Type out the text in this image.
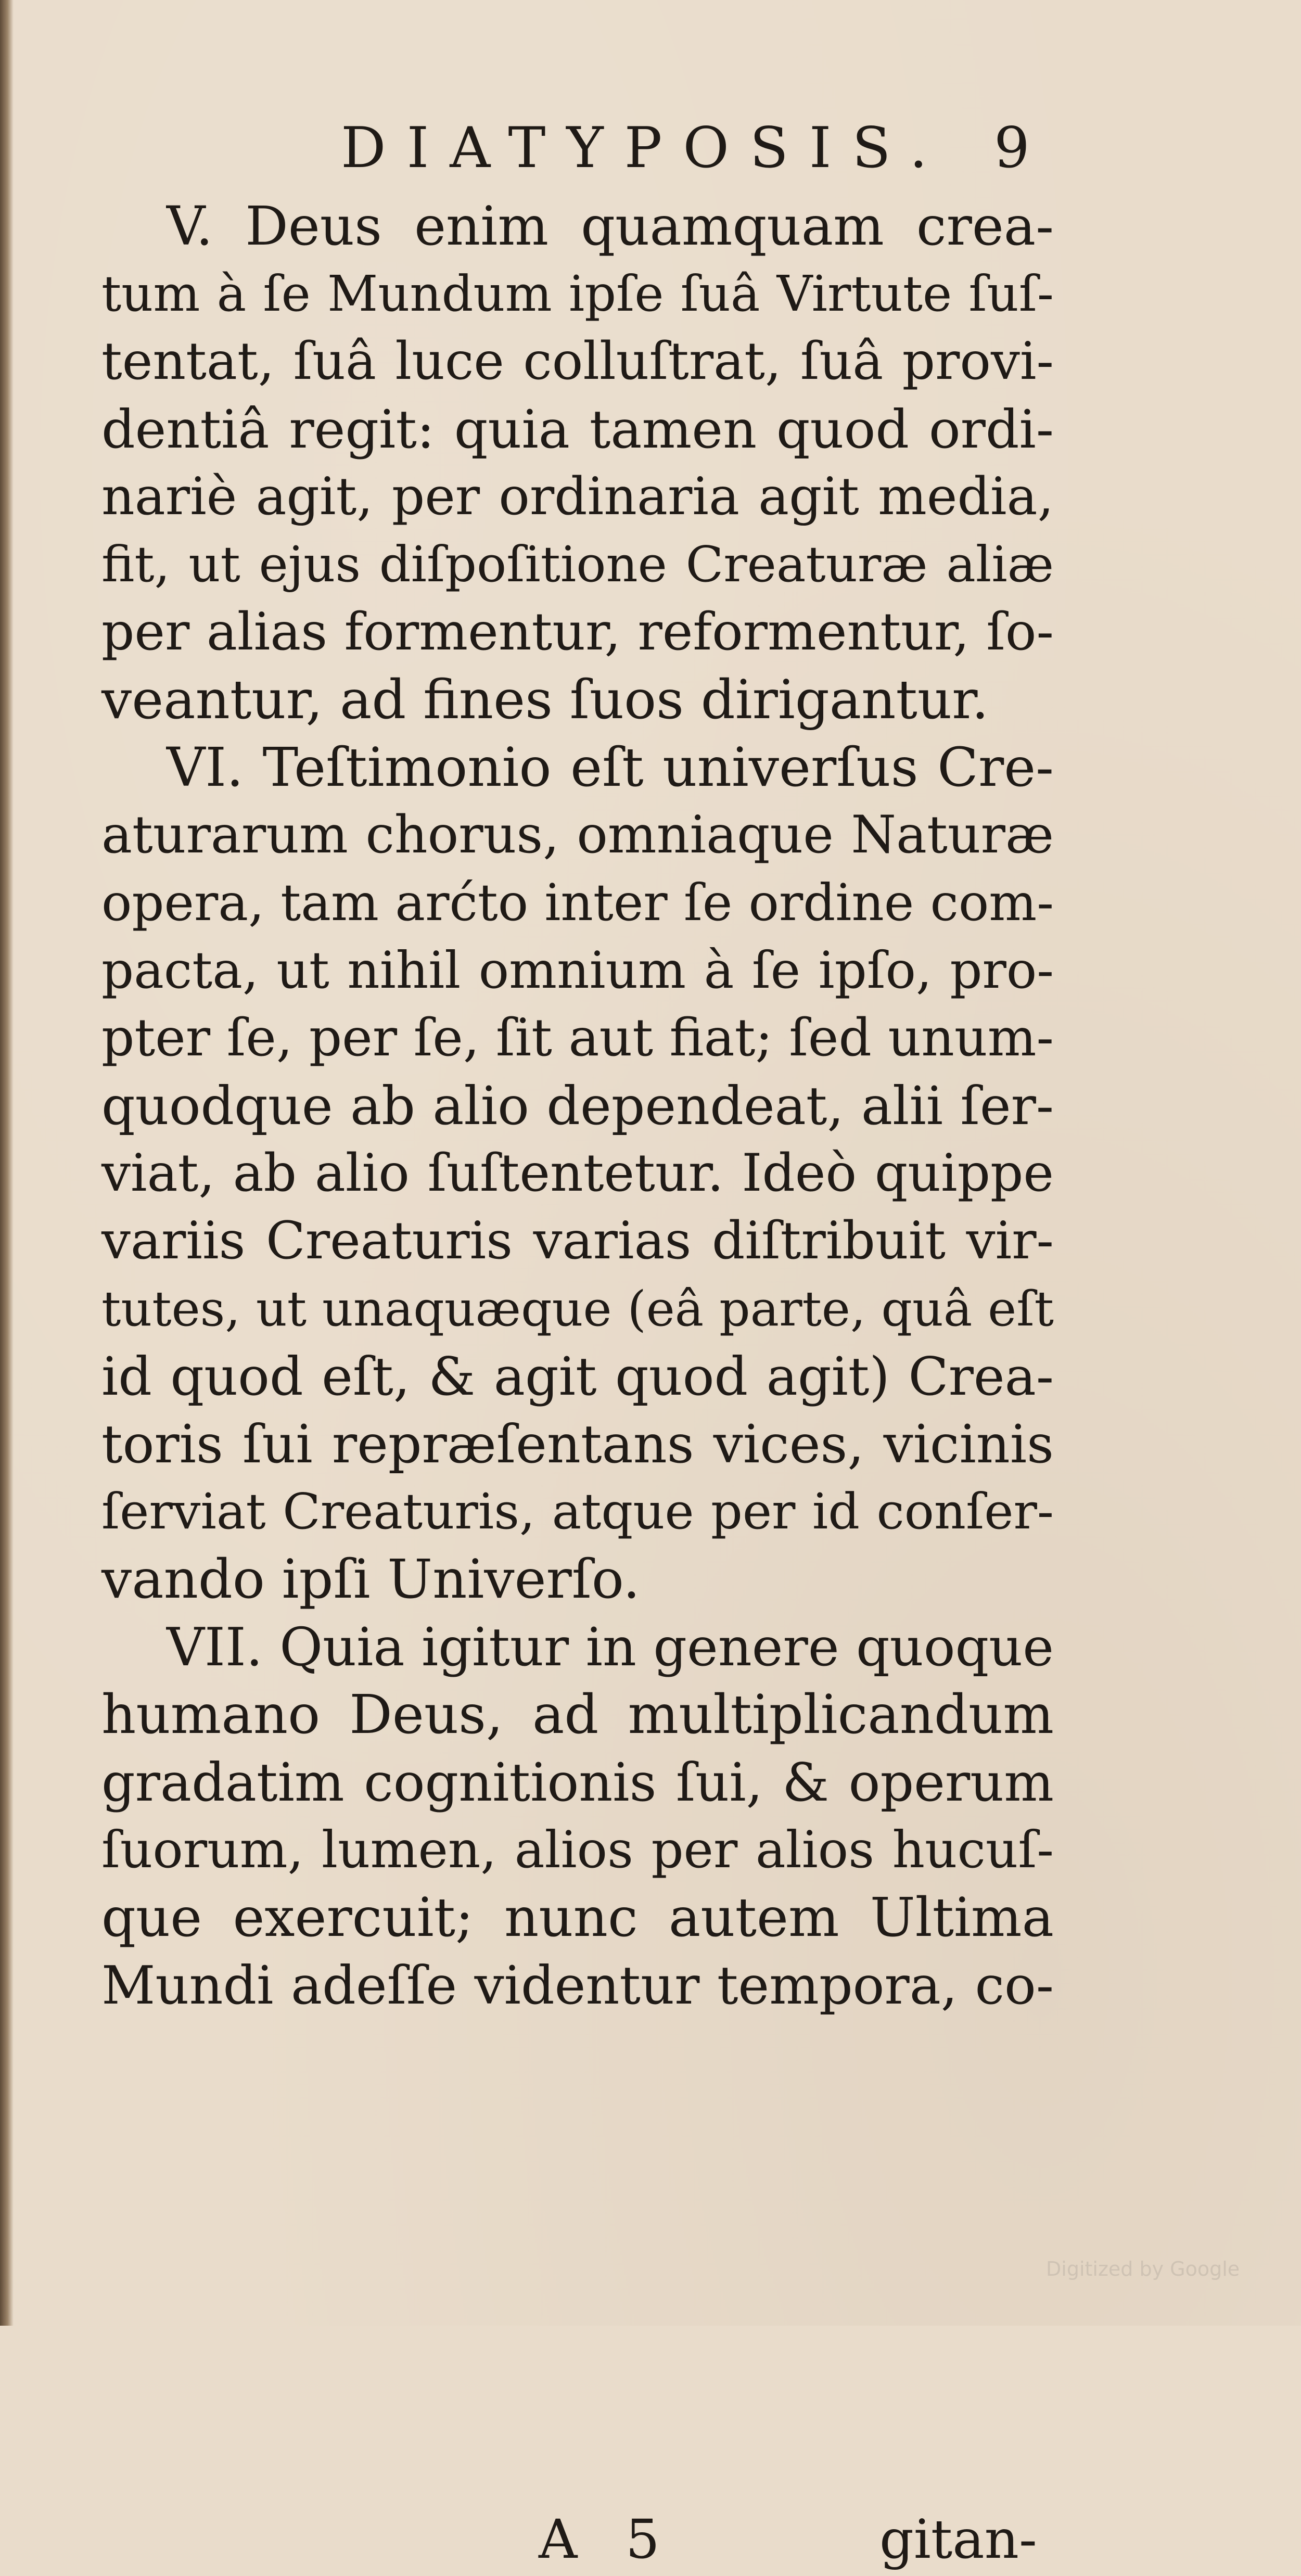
DIATYPOSIS. 9
V. Deus enim quamquam crea-
tum à ſe Mundum ipſe ſuâ Virtute ſuſ-
tentat, ſuâ luce colluſtrat, ſuâ provi-
dentiâ regit: quia tamen quod ordi-
nariè agit, per ordinaria agit media,
fit, ut ejus diſpoſitione Creaturæ aliæ
per alias formentur, reformentur, ſo-
veantur, ad fines ſuos dirigantur.
VI. Teſtimonio eſt univerſus Cre-
aturarum chorus, omniaque Naturæ
opera, tam arćto inter ſe ordine com-
pacta, ut nihil omnium à ſe ipſo, pro-
pter ſe, per ſe, ſit aut fiat; ſed unum-
quodque ab alio dependeat, alii ſer-
viat, ab alio ſuſtentetur. Ideò quippe
variis Creaturis varias diſtribuit vir-
tutes, ut unaquæque (eâ parte, quâ eſt
id quod eſt, & agit quod agit) Crea-
toris ſui repræſentans vices, vicinis
ſerviat Creaturis, atque per id conſer-
vando ipſi Univerſo.
VII. Quia igitur in genere quoque
humano Deus, ad multiplicandum
gradatim cognitionis ſui, & operum
ſuorum, lumen, alios per alios hucuſ-
que exercuit; nunc autem Ultima
Mundi adeſſe videntur tempora, co-
A 5	gitan-
Digitized by Google
